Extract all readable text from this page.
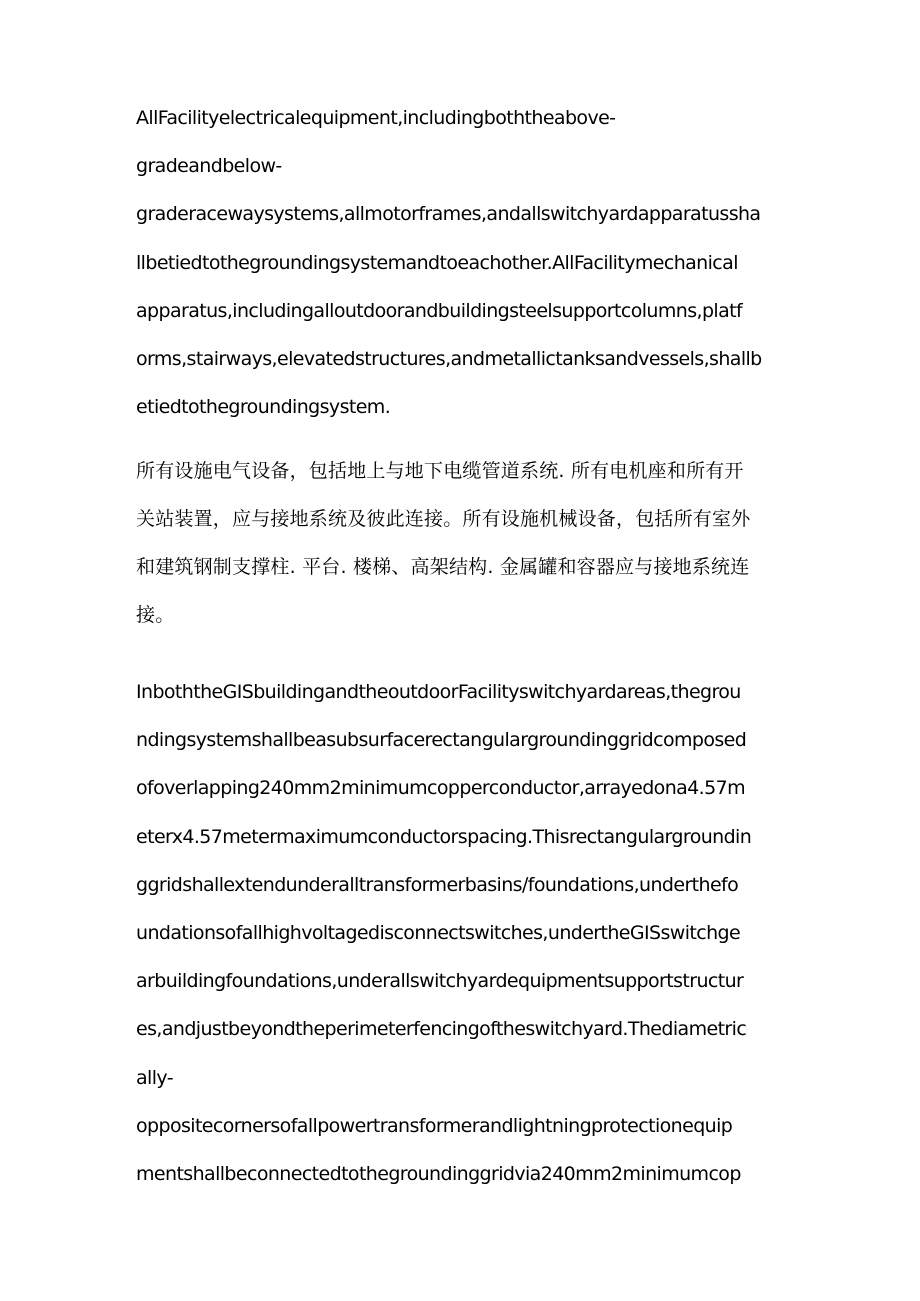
AllFacilityelectricalequipment,includingboththeabove-
gradeandbelow-
graderacewaysystems,allmotorframes,andallswitchyardapparatussha
llbetiedtothegroundingsystemandtoeachother.AllFacilitymechanical
apparatus,includingalloutdoorandbuildingsteelsupportcolumns,platf
orms,stairways,elevatedstructures,andmetallictanksandvessels,shallb
etiedtothegroundingsystem.
所有设施电气设备，包括地上与地下电缆管道系统. 所有电机座和所有开
关站装置，应与接地系统及彼此连接。所有设施机械设备，包括所有室外
和建筑钢制支撑柱. 平台. 楼梯、高架结构. 金属罐和容器应与接地系统连
接。
InboththeGISbuildingandtheoutdoorFacilityswitchyardareas,thegrou
ndingsystemshallbeasubsurfacerectangulargroundinggridcomposed
ofoverlapping240mm2minimumcopperconductor,arrayedona4.57m
eterx4.57metermaximumconductorspacing.Thisrectangulargroundin
ggridshallextendunderalltransformerbasins∕foundations,underthefo
undationsofallhighvoltagedisconnectswitches,undertheGISswitchge
arbuildingfoundations,underallswitchyardequipmentsupportstructur
es,andjustbeyondtheperimeterfencingoftheswitchyard.Thediametric
ally-
oppositecornersofallpowertransformerandlightningprotectionequip
mentshallbeconnectedtothegroundinggridvia240mm2minimumcop
